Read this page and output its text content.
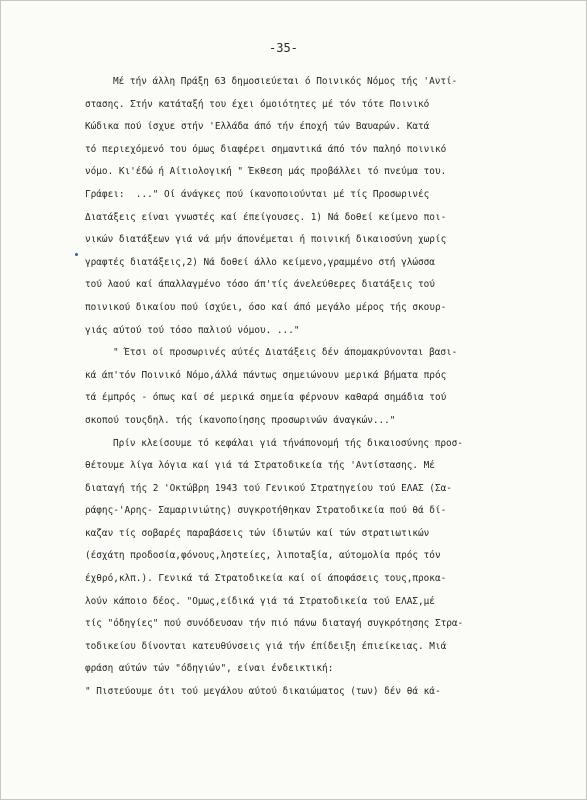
-35-
Μέ τήν άλλη Πράξη 63 δημοσιεύεται ό Ποινικός Νόμος τής 'Αντί-
στασης. Στήν κατάταξή του έχει όμοιότητες μέ τόν τότε Ποινικό
Κώδικα πού ίσχυε στήν 'Ελλάδα άπό τήν έποχή τών Βαυαρών. Κατά
τό περιεχόμενό του όμως διαφέρει σημαντικά άπό τόν παληό ποινικό
νόμο. Κι'έδώ ή Αίτιολογική " Έκθεση μάς προβάλλει τό πνεύμα του.
Γράφει:  ..." Οί άνάγκες πού ίκανοποιούνται μέ τίς Προσωρινές
Διατάξεις είναι γνωστές καί έπείγουσες. 1) Νά δοθεί κείμενο ποι-
νικών διατάξεων γιά νά μήν άπονέμεται ή ποινική δικαιοσύνη χωρίς
γραφτές διατάξεις,2) Νά δοθεί άλλο κείμενο,γραμμένο στή γλώσσα
τού λαού καί άπαλλαγμένο τόσο άπ'τίς άνελεύθερες διατάξεις τού
ποινικού δικαίου πού ίσχύει, όσο καί άπό μεγάλο μέρος τής σκουρ-
γιάς αύτού τού τόσο παλιού νόμου. ..."
" Έτσι οί προσωρινές αύτές Διατάξεις δέν άπομακρύνονται βασι-
κά άπ'τόν Ποινικό Νόμο,άλλά πάντως σημειώνουν μερικά βήματα πρός
τά έμπρός - όπως καί σέ μερικά σημεία φέρνουν καθαρά σημάδια τού
σκοπού τουςδηλ. τής ίκανοποίησης προσωρινών άναγκών..."
Πρίν κλείσουμε τό κεφάλαι γιά τήνάπονομή τής δικαιοσύνης προσ-
θέτουμε λίγα λόγια καί γιά τά Στρατοδικεία τής 'Αντίστασης. Μέ
διαταγή τής 2 'Οκτώβρη 1943 τού Γενικού Στρατηγείου τού ΕΛΑΣ (Σα-
ράφης-'Αρης- Σαμαρινιώτης) συγκροτήθηκαν Στρατοδικεία πού θά δί-
καζαν τίς σοβαρές παραβάσεις τών ίδιωτών καί τών στρατιωτικών
(έσχάτη προδοσία,φόνους,ληστείες, λιποταξία, αύτομολία πρός τόν
έχθρό,κλπ.). Γενικά τά Στρατοδικεία καί οί άποφάσεις τους,προκα-
λούν κάποιο δέος. "Ομως,είδικά γιά τά Στρατοδικεία τού ΕΛΑΣ,μέ
τίς "όδηγίες" πού συνόδευσαν τήν πιό πάνω διαταγή συγκρότησης Στρα-
τοδικείου δίνονται κατευθύνσεις γιά τήν έπίδειξη έπιείκειας. Μιά
φράση αύτών τών "όδηγιών", είναι ένδεικτική:
" Πιστεύουμε ότι τού μεγάλου αύτού δικαιώματος (των) δέν θά κά-
